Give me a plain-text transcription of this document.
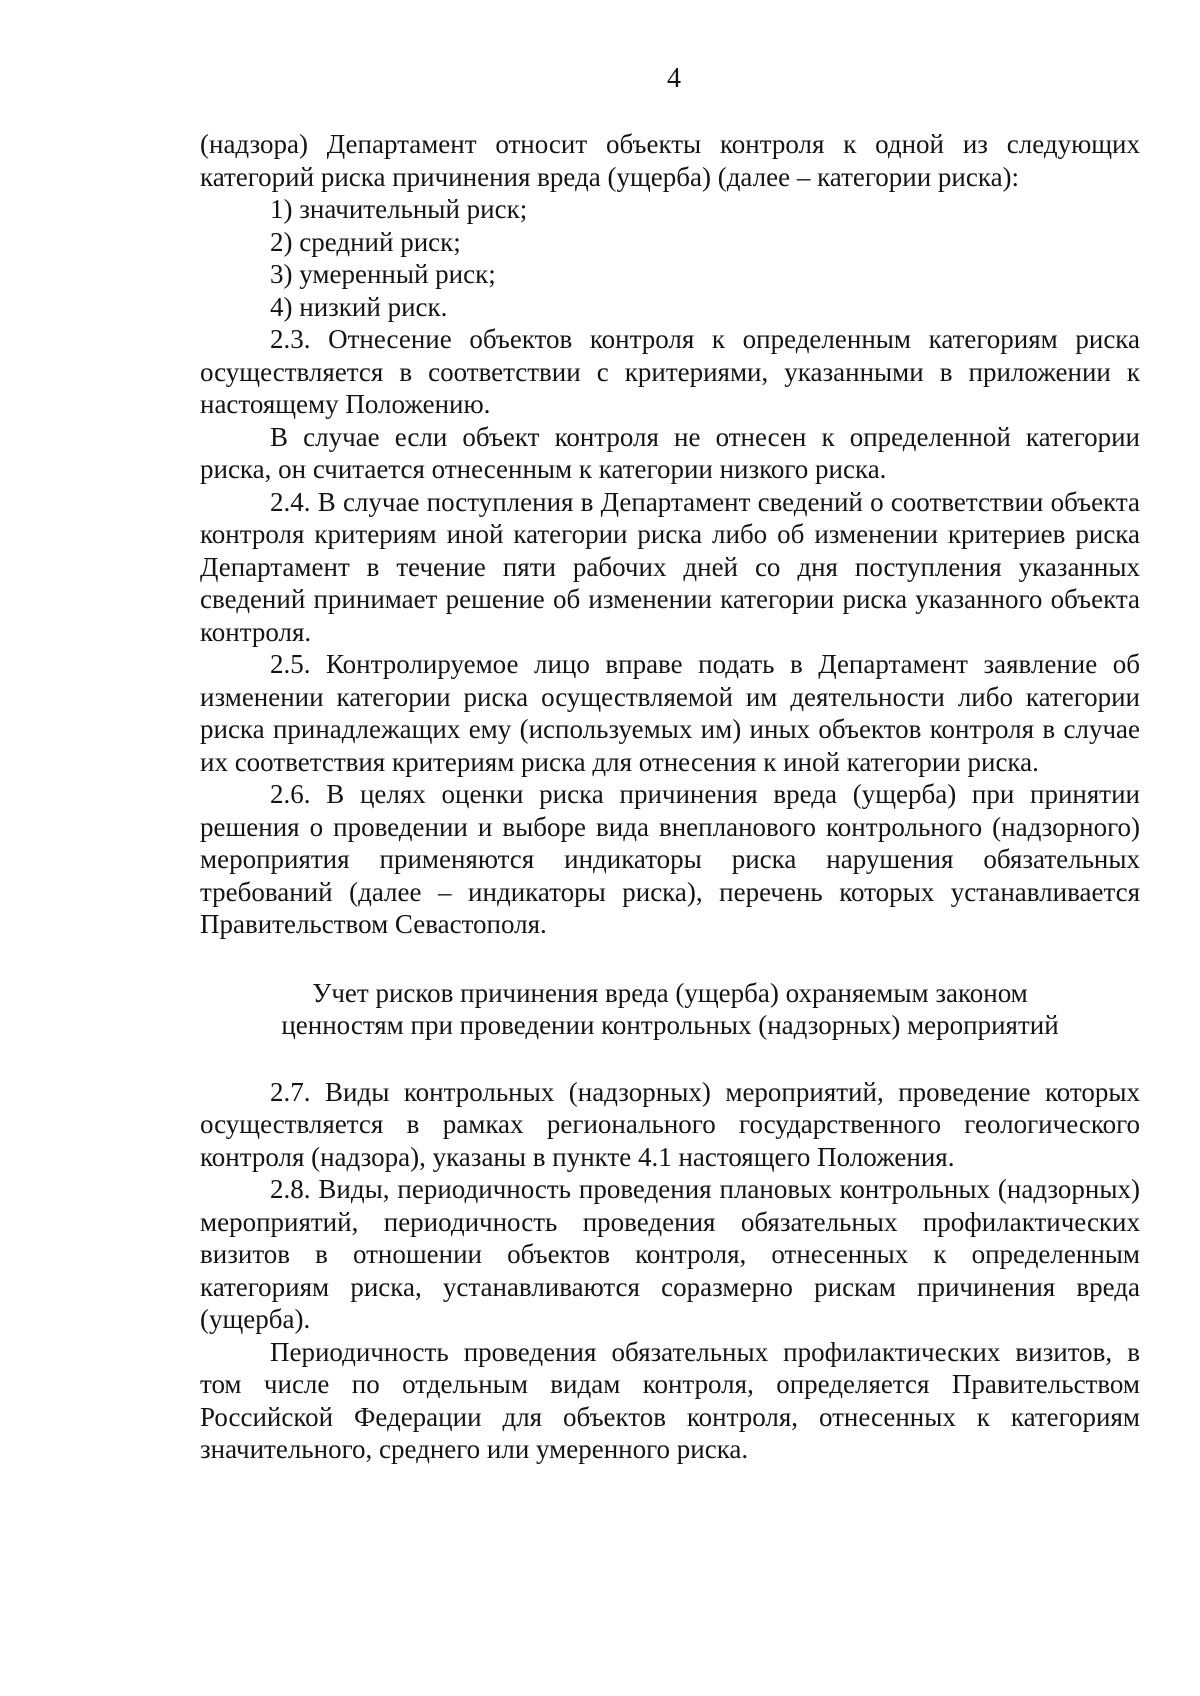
4

(надзора) Департамент относит объекты контроля к одной из следующих категорий риска причинения вреда (ущерба) (далее – категории риска):

1) значительный риск;

2) средний риск;

3) умеренный риск;

4) низкий риск.

2.3. Отнесение объектов контроля к определенным категориям риска осуществляется в соответствии с критериями, указанными в приложении к настоящему Положению.

В случае если объект контроля не отнесен к определенной категории риска, он считается отнесенным к категории низкого риска.

2.4. В случае поступления в Департамент сведений о соответствии объекта контроля критериям иной категории риска либо об изменении критериев риска Департамент в течение пяти рабочих дней со дня поступления указанных сведений принимает решение об изменении категории риска указанного объекта контроля.

2.5. Контролируемое лицо вправе подать в Департамент заявление об изменении категории риска осуществляемой им деятельности либо категории риска принадлежащих ему (используемых им) иных объектов контроля в случае их соответствия критериям риска для отнесения к иной категории риска.

2.6. В целях оценки риска причинения вреда (ущерба) при принятии решения о проведении и выборе вида внепланового контрольного (надзорного) мероприятия применяются индикаторы риска нарушения обязательных требований (далее – индикаторы риска), перечень которых устанавливается Правительством Севастополя.

Учет рисков причинения вреда (ущерба) охраняемым законом
ценностям при проведении контрольных (надзорных) мероприятий

2.7. Виды контрольных (надзорных) мероприятий, проведение которых осуществляется в рамках регионального государственного геологического контроля (надзора), указаны в пункте 4.1 настоящего Положения.

2.8. Виды, периодичность проведения плановых контрольных (надзорных) мероприятий, периодичность проведения обязательных профилактических визитов в отношении объектов контроля, отнесенных к определенным категориям риска, устанавливаются соразмерно рискам причинения вреда (ущерба).

Периодичность проведения обязательных профилактических визитов, в том числе по отдельным видам контроля, определяется Правительством Российской Федерации для объектов контроля, отнесенных к категориям значительного, среднего или умеренного риска.
